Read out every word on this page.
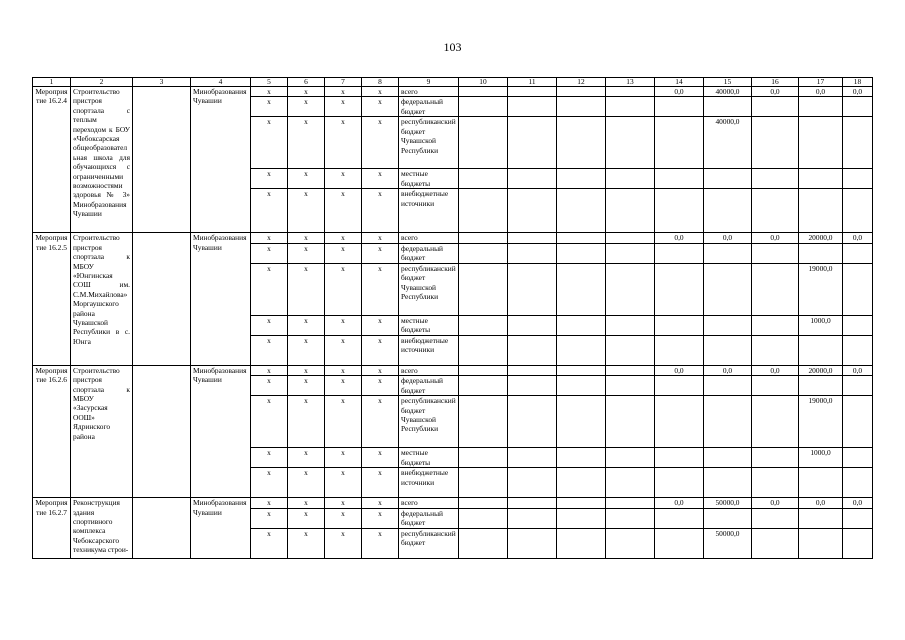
103
1	2	3	4	5	6	7	8	9	10	11	12	13	14	15	16	17	18
Мероприятие 16.2.4	Строительство пристроя спортзала с теплым переходом к БОУ «Чебоксарская общеобразовательная школа для обучающихся с ограниченными возможностями здоровья № 3» Минобразования Чувашии		Минобразования Чувашии	x	x	x	x	всего					0,0	40000,0	0,0	0,0	0,0
				x	x	x	x	федеральный бюджет									
				x	x	x	x	республиканский бюджет Чувашской Республики						40000,0			
				x	x	x	x	местные бюджеты									
				x	x	x	x	внебюджетные источники									
Мероприятие 16.2.5	Строительство пристроя спортзала к МБОУ «Юнгинская СОШ им. С.М.Михайлова» Моргаушского района Чувашской Республики в с. Юнга		Минобразования Чувашии	x	x	x	x	всего					0,0	0,0	0,0	20000,0	0,0
				x	x	x	x	федеральный бюджет									
				x	x	x	x	республиканский бюджет Чувашской Республики								19000,0	
				x	x	x	x	местные бюджеты								1000,0	
				x	x	x	x	внебюджетные источники									
Мероприятие 16.2.6	Строительство пристроя спортзала к МБОУ «Засурская ООШ» Ядринского района		Минобразования Чувашии	x	x	x	x	всего					0,0	0,0	0,0	20000,0	0,0
				x	x	x	x	федеральный бюджет									
				x	x	x	x	республиканский бюджет Чувашской Республики								19000,0	
				x	x	x	x	местные бюджеты								1000,0	
				x	x	x	x	внебюджетные источники									
Мероприятие 16.2.7	Реконструкция здания спортивного комплекса Чебоксарского техникума строи-		Минобразования Чувашии	x	x	x	x	всего					0,0	50000,0	0,0	0,0	0,0
				x	x	x	x	федеральный бюджет									
				x	x	x	x	республиканский бюджет						50000,0			
